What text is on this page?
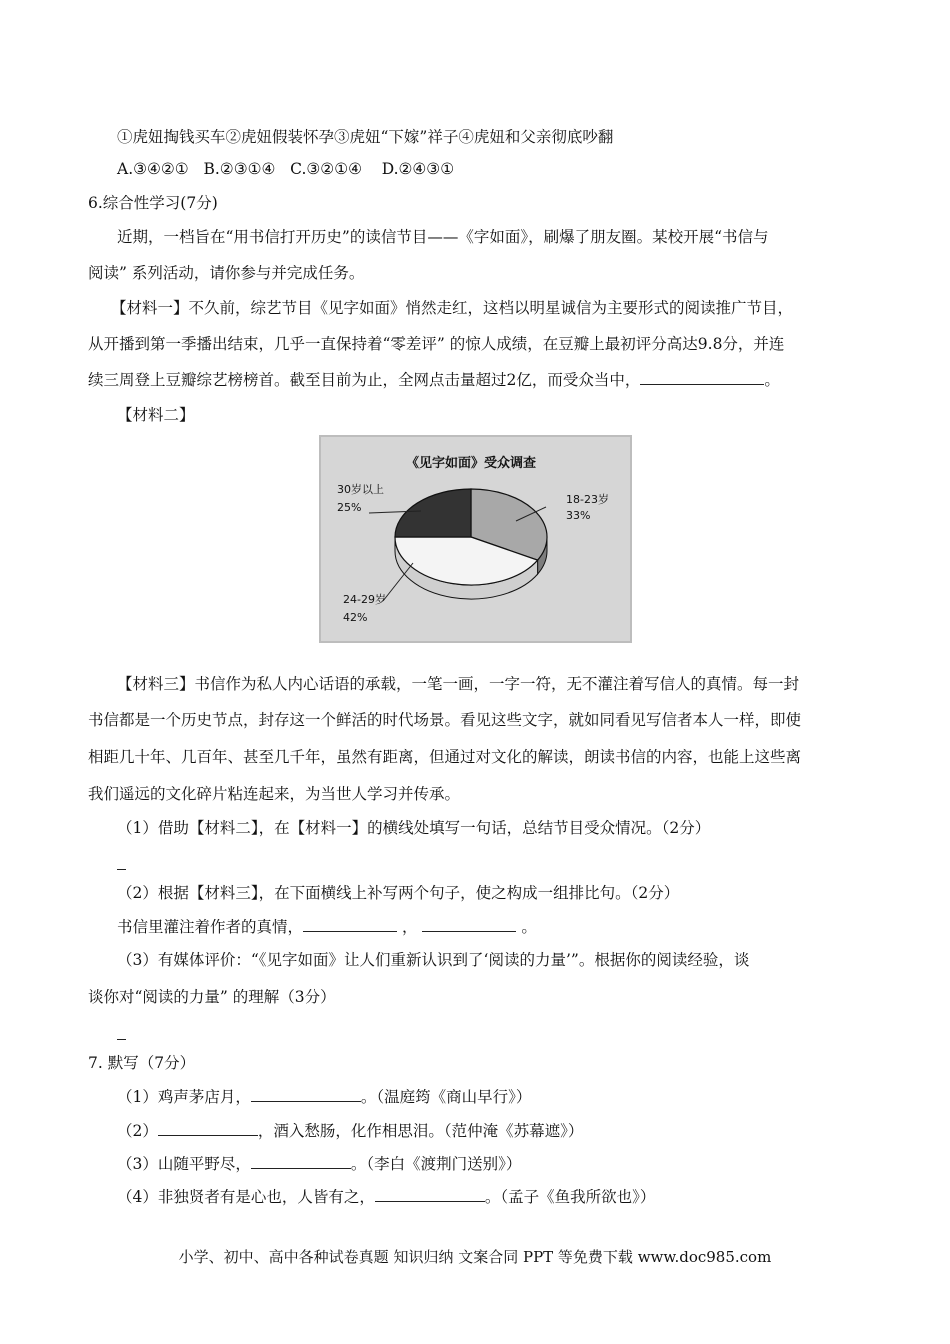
①虎妞掏钱买车②虎妞假装怀孕③虎妞“下嫁”祥子④虎妞和父亲彻底吵翻
A.③④②① B.②③①④ C.③②①④ D.②④③①
6.综合性学习(7分)
近期，一档旨在“用书信打开历史”的读信节目——《字如面》，刷爆了朋友圈。某校开展“书信与
阅读” 系列活动，请你参与并完成任务。
【材料一】不久前，综艺节目《见字如面》悄然走红，这档以明星诚信为主要形式的阅读推广节目，
从开播到第一季播出结束，几乎一直保持着“零差评” 的惊人成绩，在豆瓣上最初评分高达9.8分，并连
续三周登上豆瓣综艺榜榜首。截至目前为止，全网点击量超过2亿，而受众当中，	。
【材料二】
《见字如面》受众调查
18-23岁
33%
30岁以上
25%
24-29岁
42%
【材料三】书信作为私人内心话语的承载，一笔一画，一字一符，无不灌注着写信人的真情。每一封
书信都是一个历史节点，封存这一个鲜活的时代场景。看见这些文字，就如同看见写信者本人一样，即使
相距几十年、几百年、甚至几千年，虽然有距离，但通过对文化的解读，朗读书信的内容，也能上这些离
我们遥远的文化碎片粘连起来，为当世人学习并传承。
（1）借助【材料二】，在【材料一】的横线处填写一句话，总结节目受众情况。（2分）
（2）根据【材料三】，在下面横线上补写两个句子，使之构成一组排比句。（2分）
书信里灌注着作者的真情，	，	。
（3）有媒体评价：“《见字如面》让人们重新认识到了‘阅读的力量’”。根据你的阅读经验，谈
谈你对“阅读的力量” 的理解（3分）
7. 默写（7分）
（1）鸡声茅店月，	。（温庭筠《商山早行》）
（2）	，酒入愁肠，化作相思泪。（范仲淹《苏幕遮》）
（3）山随平野尽，	。（李白《渡荆门送别》）
（4）非独贤者有是心也，人皆有之，	。（孟子《鱼我所欲也》）
小学、初中、高中各种试卷真题 知识归纳 文案合同 PPT 等免费下载 www.doc985.com
